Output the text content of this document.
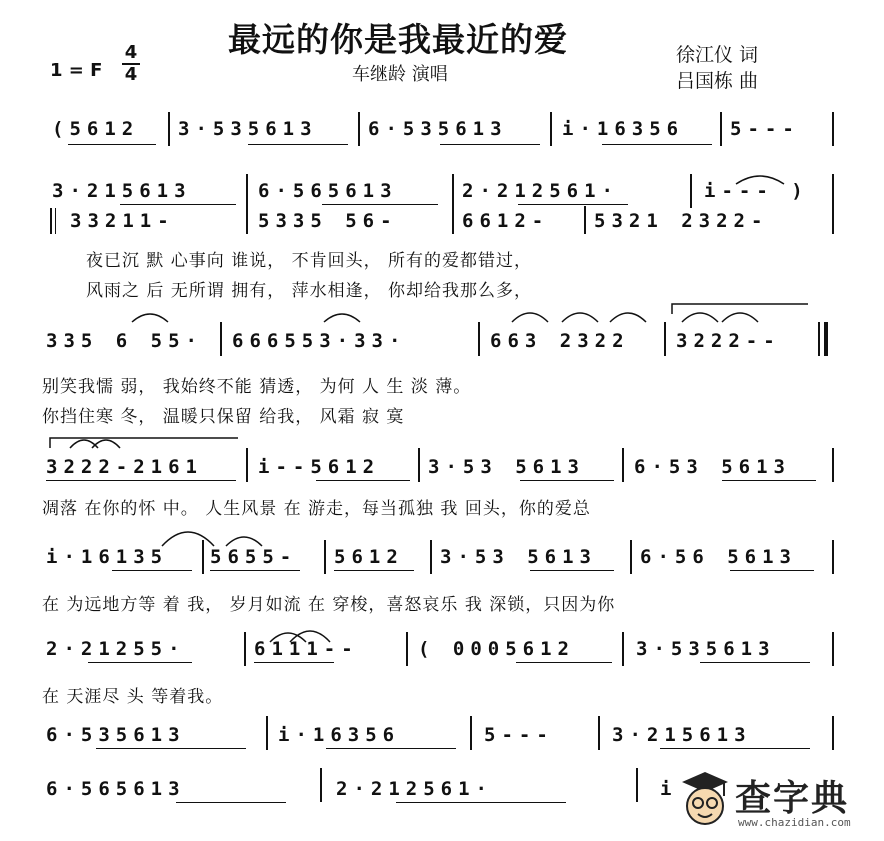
最远的你是我最近的爱
车继龄 演唱
徐江仪 词
吕国栋 曲
1 = F
4
4
(5612 3·535613	6·535613	i·16356 5---
3·215613	6·565613	2·212561·	i--- )
33211-	5335 56-	6612- 5321 2322-
夜已沉 默 心事向 谁说， 不肯回头， 所有的爱都错过，
风雨之 后 无所谓 拥有， 萍水相逢， 你却给我那么多，
335 6 55· 666553·33·	663 2322 3222--
别笑我懦 弱， 我始终不能 猜透， 为何 人 生 淡 薄。
你挡住寒 冬， 温暖只保留 给我， 风霜 寂 寞
3222-2161	i--5612	3·53 5613	6·53 5613
凋落 在你的怀 中。 人生风景 在 游走，每当孤独 我 回头，你的爱总
i·16135 5655- 5612 3·53 5613 6·56 5613
在 为远地方等 着 我， 岁月如流 在 穿梭，喜怒哀乐 我 深锁，只因为你
2·21255·	6111--	( 0005612	3·535613
在 天涯尽 头 等着我。
6·535613	i·16356	5---	3·215613
6·565613	2·212561·	i 查字典
www.chazidian.com
